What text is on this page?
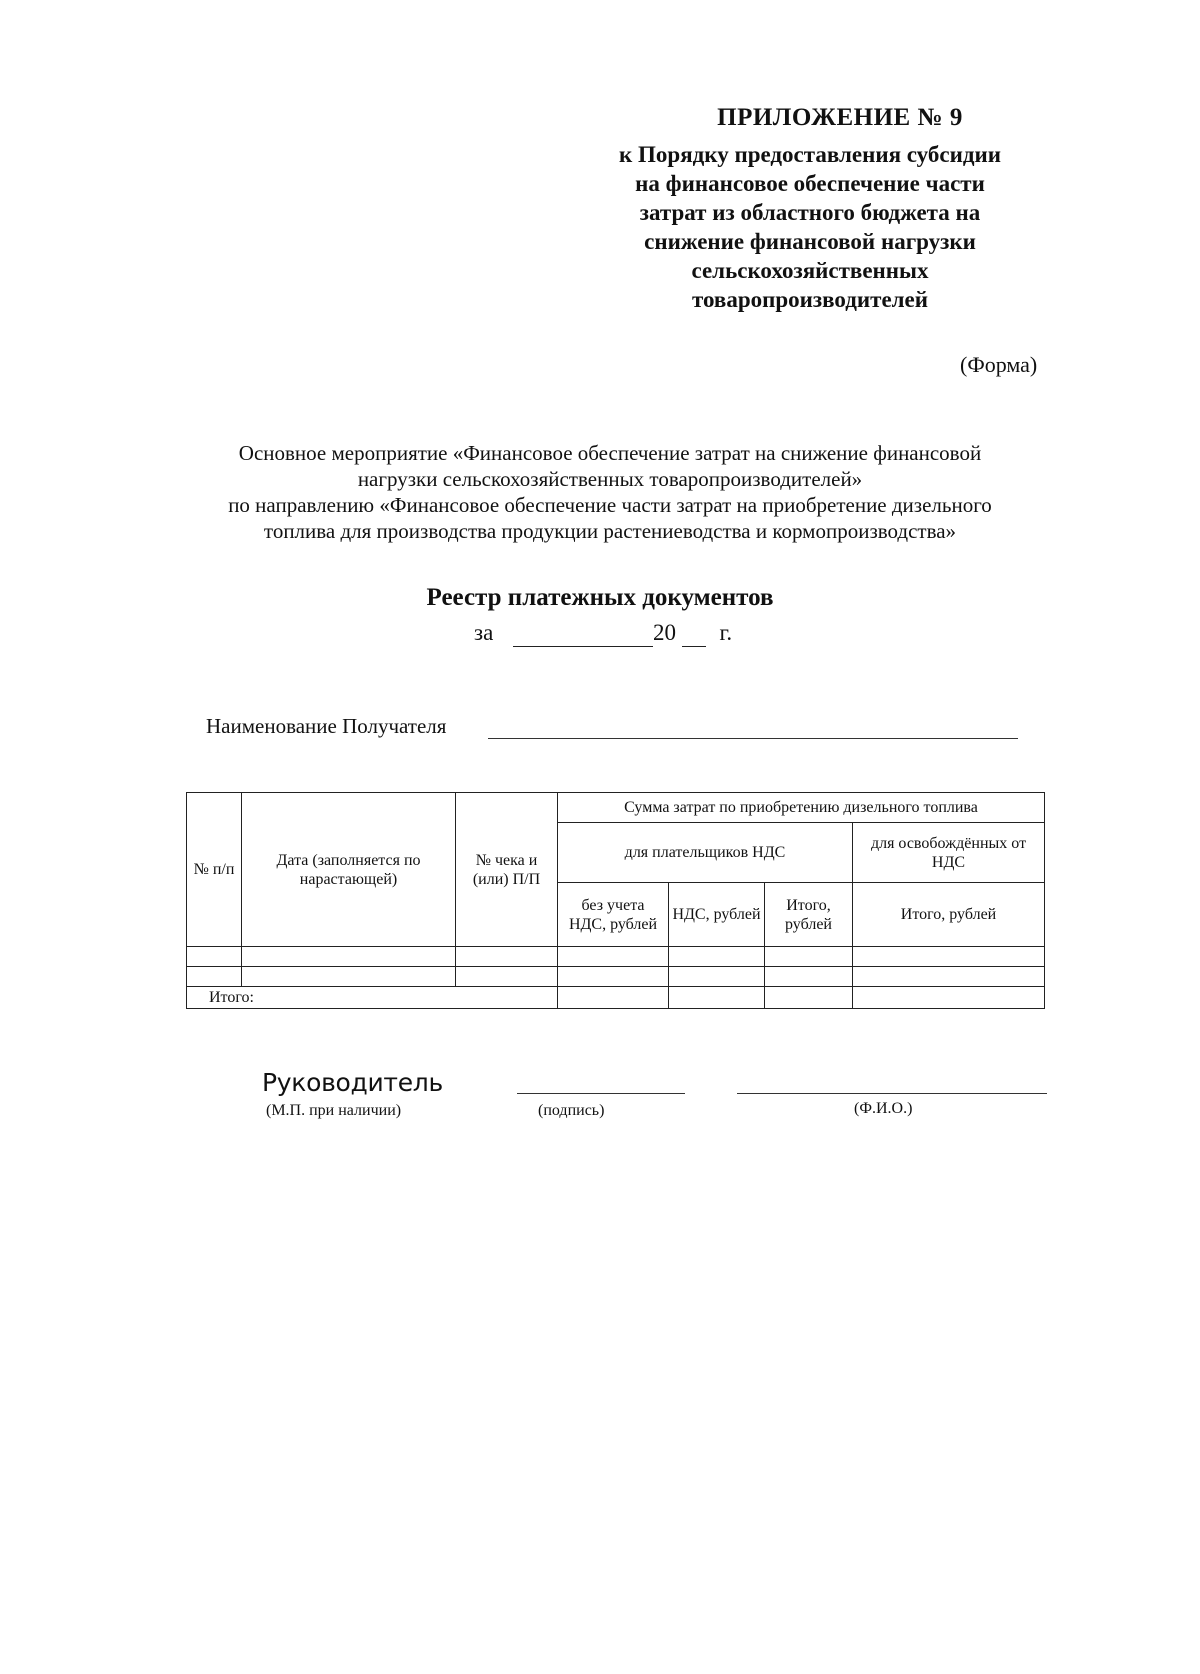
ПРИЛОЖЕНИЕ № 9
к Порядку предоставления субсидии
на финансовое обеспечение части
затрат из областного бюджета на
снижение финансовой нагрузки
сельскохозяйственных
товаропроизводителей
(Форма)
Основное мероприятие «Финансовое обеспечение затрат на снижение финансовой
нагрузки сельскохозяйственных товаропроизводителей»
по направлению «Финансовое обеспечение части затрат на приобретение дизельного
топлива для производства продукции растениеводства и кормопроизводства»
Реестр платежных документов
за	20 г.
Наименование Получателя
№ п/п	Дата (заполняется по нарастающей)	№ чека и (или) П/П	Сумма затрат по приобретению дизельного топлива			
			для плательщиков НДС			для освобождённых от НДС
			без учета НДС, рублей	НДС, рублей	Итого, рублей	Итого, рублей

Итого:						
Руководитель
(М.П. при наличии)	(подпись)	(Ф.И.О.)
